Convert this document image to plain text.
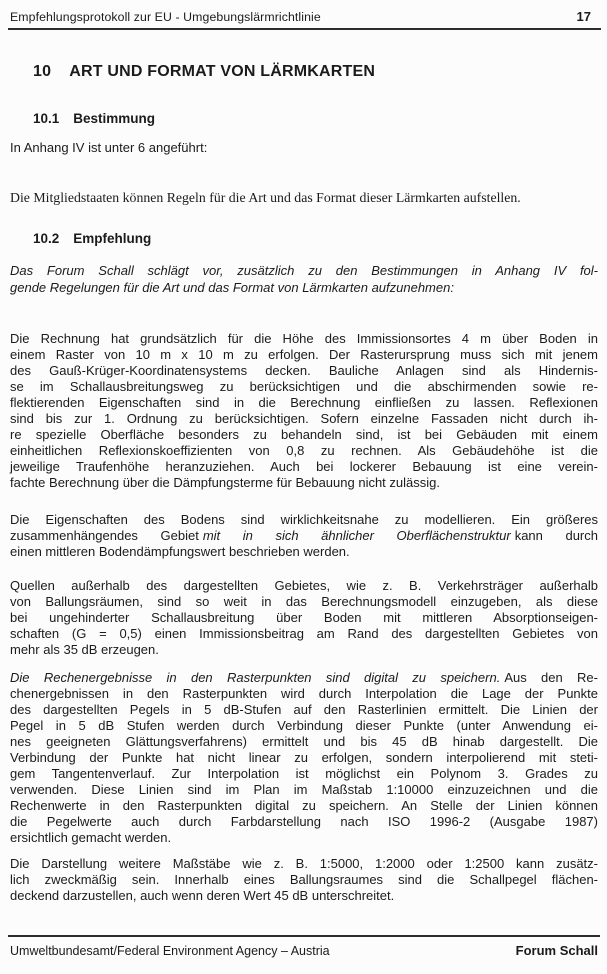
Empfehlungsprotokoll zur EU - Umgebungslärmrichtlinie	17
10 ART UND FORMAT VON LÄRMKARTEN
10.1 Bestimmung

In Anhang IV ist unter 6 angeführt:

Die Mitgliedstaaten können Regeln für die Art und das Format dieser Lärmkarten aufstellen.

10.2 Empfehlung
Das Forum Schall schlägt vor, zusätzlich zu den Bestimmungen in Anhang IV fol-
gende Regelungen für die Art und das Format von Lärmkarten aufzunehmen:
Die Rechnung hat grundsätzlich für die Höhe des Immissionsortes 4 m über Boden in
einem Raster von 10 m x 10 m zu erfolgen. Der Rasterursprung muss sich mit jenem
des Gauß-Krüger-Koordinatensystems decken. Bauliche Anlagen sind als Hindernis-
se im Schallausbreitungsweg zu berücksichtigen und die abschirmenden sowie re-
flektierenden Eigenschaften sind in die Berechnung einfließen zu lassen. Reflexionen
sind bis zur 1. Ordnung zu berücksichtigen. Sofern einzelne Fassaden nicht durch ih-
re spezielle Oberfläche besonders zu behandeln sind, ist bei Gebäuden mit einem
einheitlichen Reflexionskoeffizienten von 0,8 zu rechnen. Als Gebäudehöhe ist die
jeweilige Traufenhöhe heranzuziehen. Auch bei lockerer Bebauung ist eine verein-
fachte Berechnung über die Dämpfungsterme für Bebauung nicht zulässig.
Die Eigenschaften des Bodens sind wirklichkeitsnahe zu modellieren. Ein größeres
zusammenhängendes Gebiet mit in sich ähnlicher Oberflächenstruktur kann durch
einen mittleren Bodendämpfungswert beschrieben werden.
Quellen außerhalb des dargestellten Gebietes, wie z. B. Verkehrsträger außerhalb
von Ballungsräumen, sind so weit in das Berechnungsmodell einzugeben, als diese
bei ungehinderter Schallausbreitung über Boden mit mittleren Absorptionseigen-
schaften (G = 0,5) einen Immissionsbeitrag am Rand des dargestellten Gebietes von
mehr als 35 dB erzeugen.
Die Rechenergebnisse in den Rasterpunkten sind digital zu speichern. Aus den Re-
chenergebnissen in den Rasterpunkten wird durch Interpolation die Lage der Punkte
des dargestellten Pegels in 5 dB-Stufen auf den Rasterlinien ermittelt. Die Linien der
Pegel in 5 dB Stufen werden durch Verbindung dieser Punkte (unter Anwendung ei-
nes geeigneten Glättungsverfahrens) ermittelt und bis 45 dB hinab dargestellt. Die
Verbindung der Punkte hat nicht linear zu erfolgen, sondern interpolierend mit steti-
gem Tangentenverlauf. Zur Interpolation ist möglichst ein Polynom 3. Grades zu
verwenden. Diese Linien sind im Plan im Maßstab 1:10000 einzuzeichnen und die
Rechenwerte in den Rasterpunkten digital zu speichern. An Stelle der Linien können
die Pegelwerte auch durch Farbdarstellung nach ISO 1996-2 (Ausgabe 1987)
ersichtlich gemacht werden.
Die Darstellung weitere Maßstäbe wie z. B. 1:5000, 1:2000 oder 1:2500 kann zusätz-
lich zweckmäßig sein. Innerhalb eines Ballungsraumes sind die Schallpegel flächen-
deckend darzustellen, auch wenn deren Wert 45 dB unterschreitet.
Umweltbundesamt/Federal Environment Agency – Austria	Forum Schall
